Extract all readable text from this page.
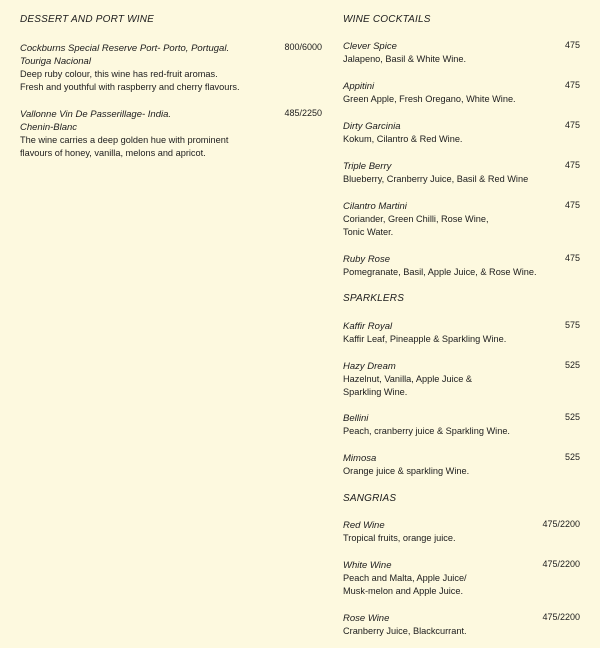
DESSERT AND PORT WINE
Cockburns Special Reserve Port- Porto, Portugal.
Touriga Nacional
Deep ruby colour, this wine has red-fruit aromas.
Fresh and youthful with raspberry and cherry flavours.
800/6000
Vallonne Vin De Passerillage- India.
Chenin-Blanc
The wine carries a deep golden hue with prominent
flavours of honey, vanilla, melons and apricot.
485/2250
WINE COCKTAILS
Clever Spice
Jalapeno, Basil & White Wine.
475
Appitini
Green Apple, Fresh Oregano, White Wine.
475
Dirty Garcinia
Kokum, Cilantro & Red Wine.
475
Triple Berry
Blueberry, Cranberry Juice, Basil & Red Wine
475
Cilantro Martini
Coriander, Green Chilli, Rose Wine,
Tonic Water.
475
Ruby Rose
Pomegranate, Basil, Apple Juice, & Rose Wine.
475
SPARKLERS
Kaffir Royal
Kaffir Leaf, Pineapple & Sparkling Wine.
575
Hazy Dream
Hazelnut, Vanilla, Apple Juice &
Sparkling Wine.
525
Bellini
Peach, cranberry juice & Sparkling Wine.
525
Mimosa
Orange juice & sparkling Wine.
525
SANGRIAS
Red Wine
Tropical fruits, orange juice.
475/2200
White Wine
Peach and Malta, Apple Juice/
Musk-melon and Apple Juice.
475/2200
Rose Wine
Cranberry Juice, Blackcurrant.
475/2200
